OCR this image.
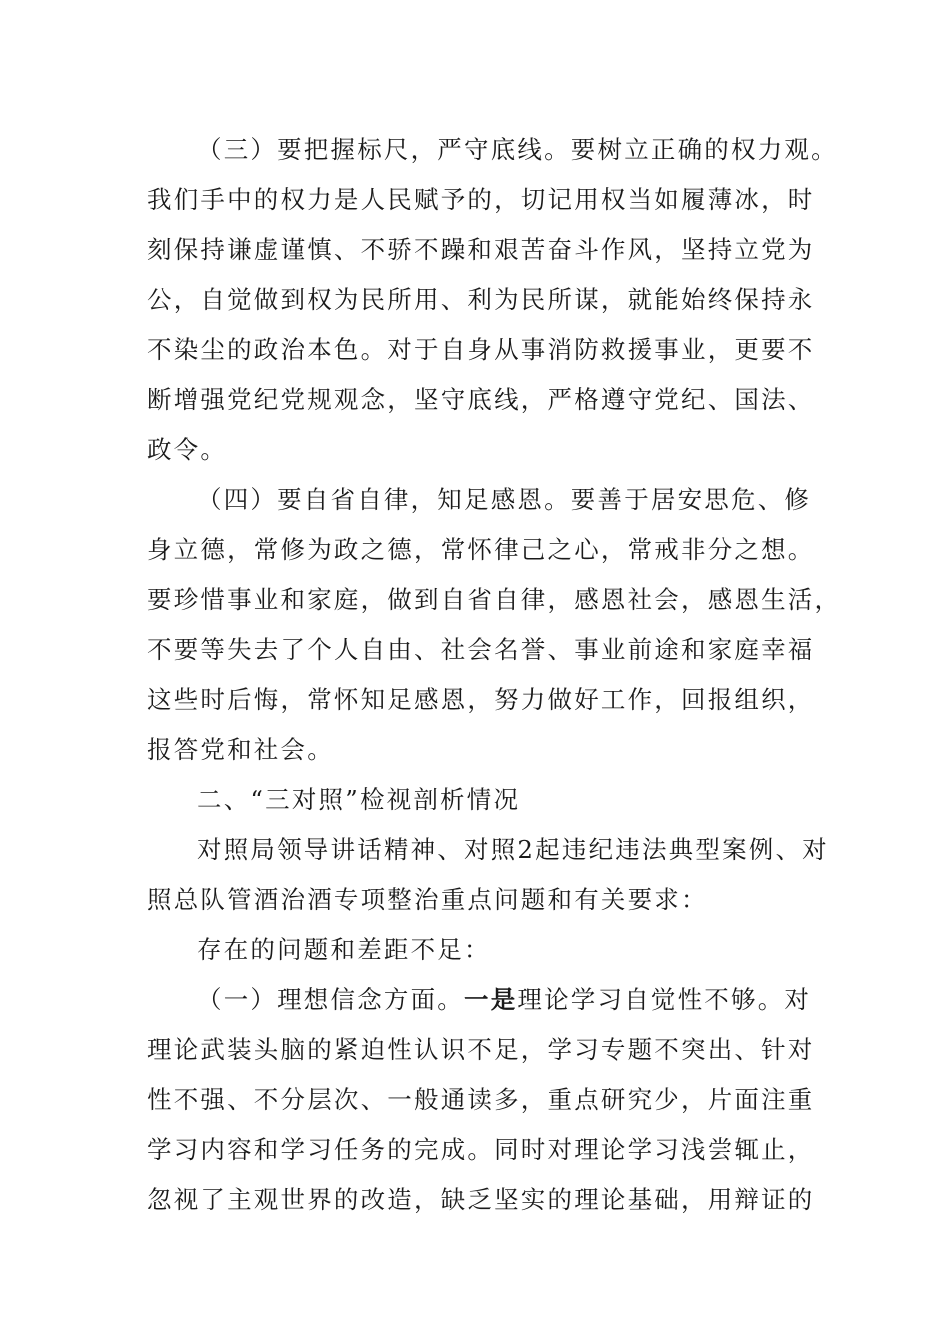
（三）要把握标尺，严守底线。要树立正确的权力观。
我们手中的权力是人民赋予的，切记用权当如履薄冰，时
刻保持谦虚谨慎、不骄不躁和艰苦奋斗作风，坚持立党为
公，自觉做到权为民所用、利为民所谋，就能始终保持永
不染尘的政治本色。对于自身从事消防救援事业，更要不
断增强党纪党规观念，坚守底线，严格遵守党纪、国法、
政令。
（四）要自省自律，知足感恩。要善于居安思危、修
身立德，常修为政之德，常怀律己之心，常戒非分之想。
要珍惜事业和家庭，做到自省自律，感恩社会，感恩生活，
不要等失去了个人自由、社会名誉、事业前途和家庭幸福
这些时后悔，常怀知足感恩，努力做好工作，回报组织，
报答党和社会。
二、“三对照”检视剖析情况
对照局领导讲话精神、对照2起违纪违法典型案例、对
照总队管酒治酒专项整治重点问题和有关要求：
存在的问题和差距不足：
（一）理想信念方面。一是理论学习自觉性不够。对
理论武装头脑的紧迫性认识不足，学习专题不突出、针对
性不强、不分层次、一般通读多，重点研究少，片面注重
学习内容和学习任务的完成。同时对理论学习浅尝辄止，
忽视了主观世界的改造，缺乏坚实的理论基础，用辩证的
